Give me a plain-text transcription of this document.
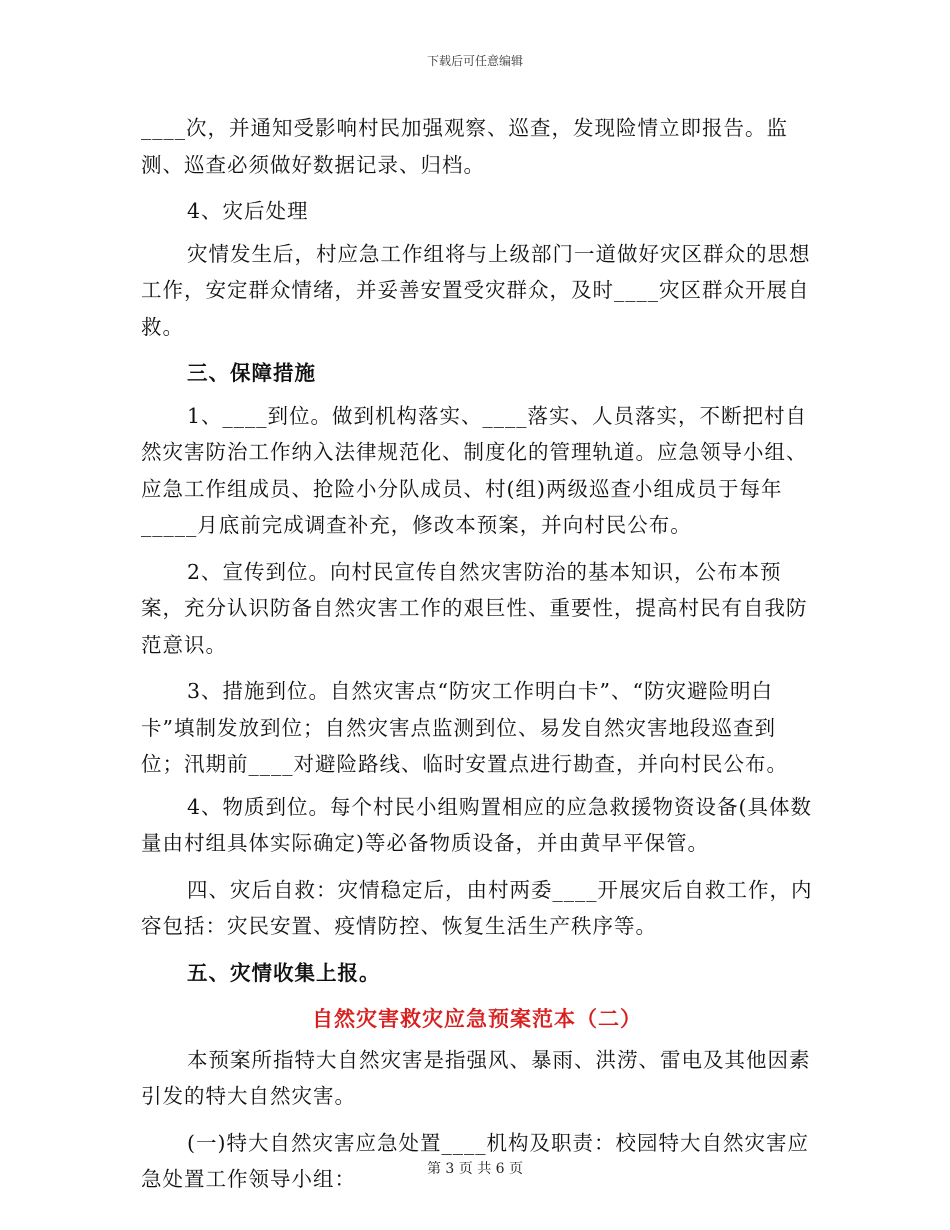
下载后可任意编辑

____次，并通知受影响村民加强观察、巡查，发现险情立即报告。监测、巡查必须做好数据记录、归档。

4、灾后处理

灾情发生后，村应急工作组将与上级部门一道做好灾区群众的思想工作，安定群众情绪，并妥善安置受灾群众，及时____灾区群众开展自救。

三、保障措施

1、____到位。做到机构落实、____落实、人员落实，不断把村自然灾害防治工作纳入法律规范化、制度化的管理轨道。应急领导小组、应急工作组成员、抢险小分队成员、村(组)两级巡查小组成员于每年_____月底前完成调查补充，修改本预案，并向村民公布。

2、宣传到位。向村民宣传自然灾害防治的基本知识，公布本预案，充分认识防备自然灾害工作的艰巨性、重要性，提高村民有自我防范意识。

3、措施到位。自然灾害点“防灾工作明白卡”、“防灾避险明白卡”填制发放到位；自然灾害点监测到位、易发自然灾害地段巡查到位；汛期前____对避险路线、临时安置点进行勘查，并向村民公布。

4、物质到位。每个村民小组购置相应的应急救援物资设备(具体数量由村组具体实际确定)等必备物质设备，并由黄早平保管。

四、灾后自救：灾情稳定后，由村两委____开展灾后自救工作，内容包括：灾民安置、疫情防控、恢复生活生产秩序等。

五、灾情收集上报。

自然灾害救灾应急预案范本（二）

本预案所指特大自然灾害是指强风、暴雨、洪涝、雷电及其他因素引发的特大自然灾害。

(一)特大自然灾害应急处置____机构及职责：校园特大自然灾害应急处置工作领导小组：	第 3 页 共 6 页
